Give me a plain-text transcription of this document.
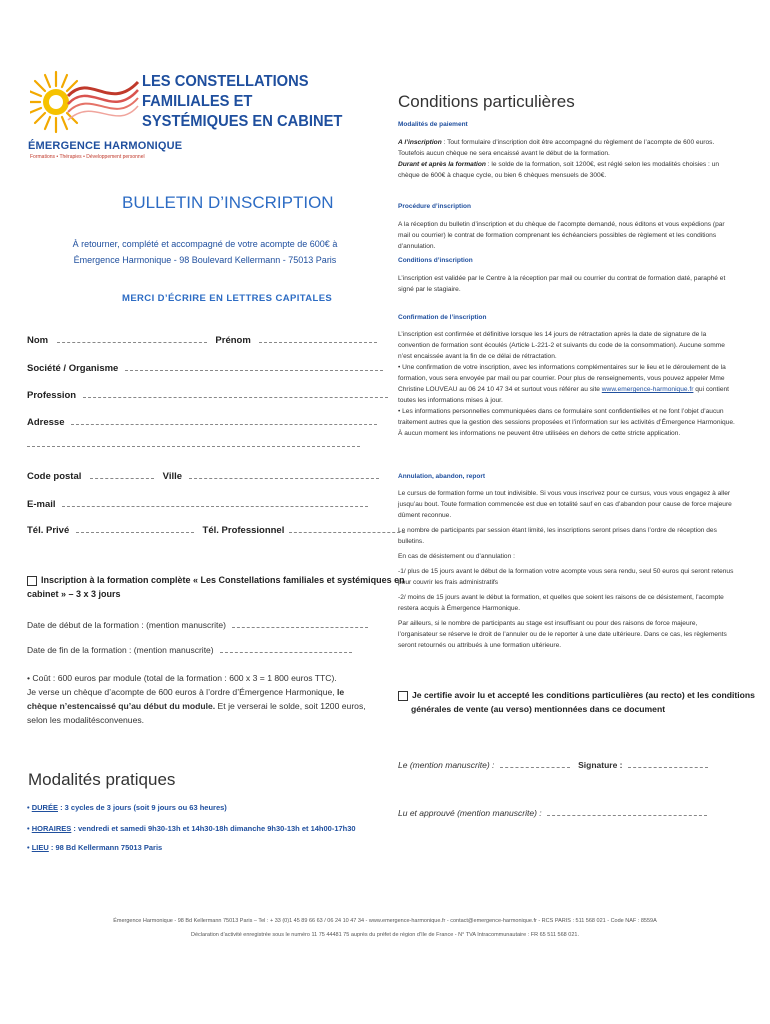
ÉMERGENCE HARMONIQUE
Formations • Thérapies • Développement personnel
LES CONSTELLATIONS FAMILIALES ET
SYSTÉMIQUES EN CABINET
BULLETIN D’INSCRIPTION
À retourner, complété et accompagné de votre acompte de 600€ à
Émergence Harmonique - 98 Boulevard Kellermann - 75013 Paris
MERCI D’ÉCRIRE EN LETTRES CAPITALES
Nom	Prénom
Société / Organisme
Profession
Adresse
Code postal	Ville
E-mail
Tél. Privé	Tél. Professionnel
Inscription à la formation complète « Les Constellations familiales et systémiques en
cabinet » – 3 x 3 jours
Date de début de la formation : (mention manuscrite)
Date de fin de la formation : (mention manuscrite)
• Coût : 600 euros par module (total de la formation : 600 x 3 = 1 800 euros TTC).
Je verse un chèque d’acompte de 600 euros à l’ordre d’Émergence Harmonique, le chèque n’estencaissé qu’au début du module. Et je verserai le solde, soit 1200 euros, selon les modalitésconvenues.
Modalités pratiques
• DURÉE : 3 cycles de 3 jours (soit 9 jours ou 63 heures)
• HORAIRES : vendredi et samedi 9h30-13h et 14h30-18h dimanche 9h30-13h et 14h00-17h30
• LIEU : 98 Bd Kellermann 75013 Paris
Conditions particulières
Modalités de paiement
A l’inscription : Tout formulaire d’inscription doit être accompagné du règlement de l’acompte de 600 euros. Toutefois aucun chèque ne sera encaissé avant le début de la formation.
Durant et après la formation : le solde de la formation, soit 1200€, est réglé selon les modalités choisies : un chèque de 600€ à chaque cycle, ou bien 6 chèques mensuels de 300€.
Procédure d’inscription
A la réception du bulletin d’inscription et du chèque de l’acompte demandé, nous éditons et vous expédions (par mail ou courrier) le contrat de formation comprenant les échéanciers possibles de règlement et les conditions d’annulation.
Conditions d’inscription
L’inscription est validée par le Centre à la réception par mail ou courrier du contrat de formation daté, paraphé et signé par le stagiaire.
Confirmation de l’inscription
L’inscription est confirmée et définitive lorsque les 14 jours de rétractation après la date de signature de la convention de formation sont écoulés (Article L-221-2 et suivants du code de la consommation). Aucune somme n’est encaissée avant la fin de ce délai de rétractation.
• Une confirmation de votre inscription, avec les informations complémentaires sur le lieu et le déroulement de la formation, vous sera envoyée par mail ou par courrier. Pour plus de renseignements, vous pouvez appeler Mme Christine LOUVEAU au 06 24 10 47 34 et surtout vous référer au site www.emergence-harmonique.fr qui contient toutes les informations mises à jour.
• Les informations personnelles communiquées dans ce formulaire sont confidentielles et ne font l’objet d’aucun traitement autres que la gestion des sessions proposées et l’information sur les activités d’Émergence Harmonique. À aucun moment les informations ne peuvent être utilisées en dehors de cette stricte application.
Annulation, abandon, report
Le cursus de formation forme un tout indivisible. Si vous vous inscrivez pour ce cursus, vous vous engagez à aller jusqu’au bout. Toute formation commencée est due en totalité sauf en cas d’abandon pour cause de force majeure dûment reconnue.
Le nombre de participants par session étant limité, les inscriptions seront prises dans l’ordre de réception des bulletins.
En cas de désistement ou d’annulation :
-1/ plus de 15 jours avant le début de la formation votre acompte vous sera rendu, seul 50 euros qui seront retenus pour couvrir les frais administratifs
-2/ moins de 15 jours avant le début la formation, et quelles que soient les raisons de ce désistement, l’acompte restera acquis à Émergence Harmonique.
Par ailleurs, si le nombre de participants au stage est insuffisant ou pour des raisons de force majeure, l’organisateur se réserve le droit de l’annuler ou de le reporter à une date ultérieure. Dans ce cas, les règlements seront retournés ou attribués à une formation ultérieure.
Je certifie avoir lu et accepté les conditions particulières (au recto) et les conditions
générales de vente (au verso) mentionnées dans ce document
Le (mention manuscrite) :	Signature :
Lu et approuvé (mention manuscrite) :
Émergence Harmonique - 98 Bd Kellermann 75013 Paris – Tel : + 33 (0)1 45 89 66 63 / 06 24 10 47 34 - www.emergence-harmonique.fr - contact@emergence-harmonique.fr - RCS PARIS : 511 568 021 - Code NAF : 8559A
Déclaration d’activité enregistrée sous le numéro 11 75 44481 75 auprès du préfet de région d’Ile de France - N° TVA Intracommunautaire : FR 65 511 568 021.
